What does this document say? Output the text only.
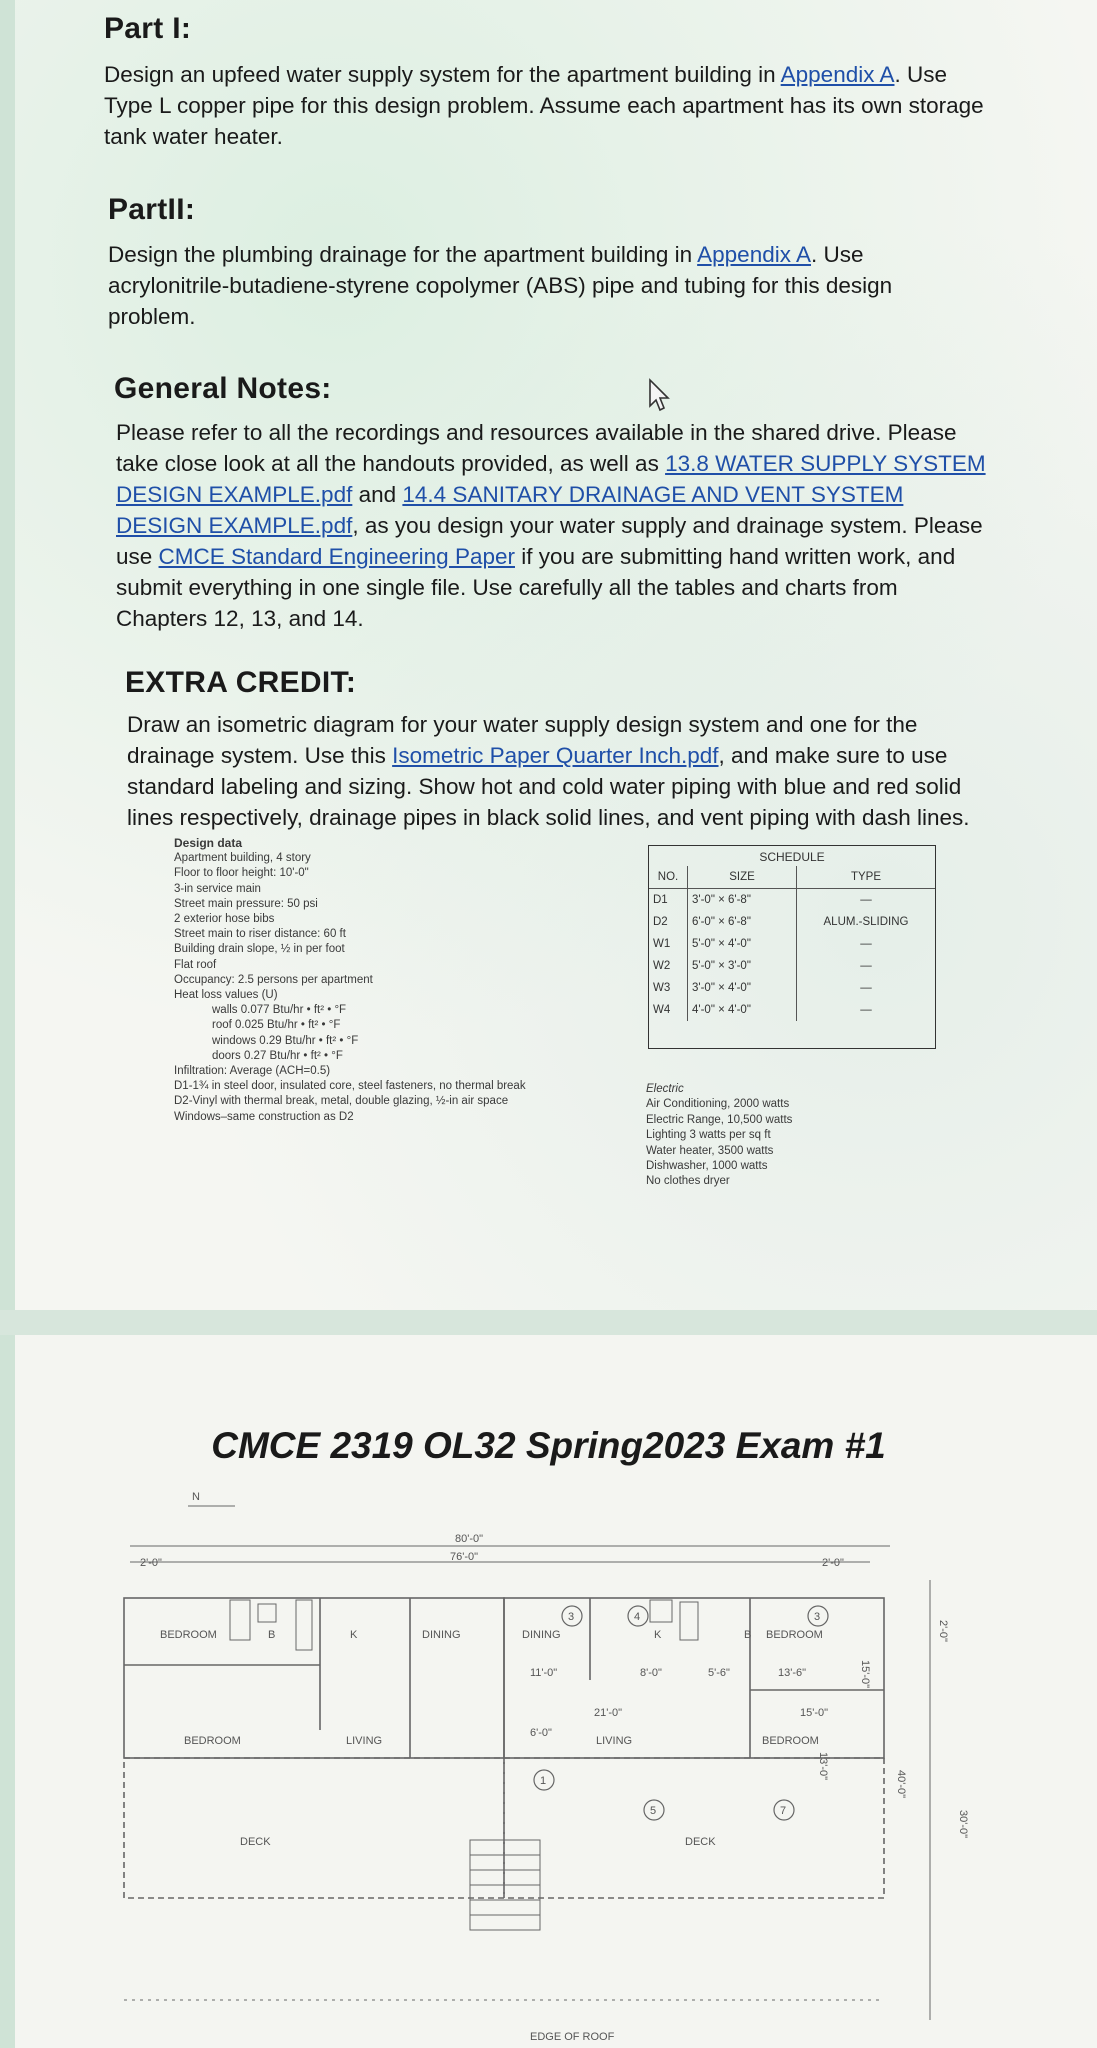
Part I:
Design an upfeed water supply system for the apartment building in Appendix A. Use Type L copper pipe for this design problem. Assume each apartment has its own storage tank water heater.
PartII:
Design the plumbing drainage for the apartment building in Appendix A. Use acrylonitrile-butadiene-styrene copolymer (ABS) pipe and tubing for this design problem.
General Notes:
Please refer to all the recordings and resources available in the shared drive. Please take close look at all the handouts provided, as well as 13.8 WATER SUPPLY SYSTEM DESIGN EXAMPLE.pdf and 14.4 SANITARY DRAINAGE AND VENT SYSTEM DESIGN EXAMPLE.pdf, as you design your water supply and drainage system. Please use CMCE Standard Engineering Paper if you are submitting hand written work, and submit everything in one single file. Use carefully all the tables and charts from Chapters 12, 13, and 14.
EXTRA CREDIT:
Draw an isometric diagram for your water supply design system and one for the drainage system. Use this Isometric Paper Quarter Inch.pdf, and make sure to use standard labeling and sizing. Show hot and cold water piping with blue and red solid lines respectively, drainage pipes in black solid lines, and vent piping with dash lines.
Design data
Apartment building, 4 story
Floor to floor height: 10'-0"
3-in service main
Street main pressure: 50 psi
2 exterior hose bibs
Street main to riser distance: 60 ft
Building drain slope, ½ in per foot
Flat roof
Occupancy: 2.5 persons per apartment
Heat loss values (U)
walls 0.077 Btu/hr • ft² • °F
roof 0.025 Btu/hr • ft² • °F
windows 0.29 Btu/hr • ft² • °F
doors 0.27 Btu/hr • ft² • °F
Infiltration: Average (ACH=0.5)
D1-1¾ in steel door, insulated core, steel fasteners, no thermal break
D2-Vinyl with thermal break, metal, double glazing, ½-in air space
Windows–same construction as D2
SCHEDULE
NO.	SIZE	TYPE
D1	3'-0" × 6'-8"	—
D2	6'-0" × 6'-8"	ALUM.-SLIDING
W1	5'-0" × 4'-0"	—
W2	5'-0" × 3'-0"	—
W3	3'-0" × 4'-0"	—
W4	4'-0" × 4'-0"	—
Electric
Air Conditioning, 2000 watts
Electric Range, 10,500 watts
Lighting 3 watts per sq ft
Water heater, 3500 watts
Dishwasher, 1000 watts
No clothes dryer
CMCE 2319 OL32 Spring2023 Exam #1
N
80'-0"
76'-0"
2'-0"	2'-0"
BEDROOM	DINING	DINING	BEDROOM
BEDROOM	LIVING	LIVING	BEDROOM
DECK	DECK
K	K
B	B
11'-0"	8'-0"	5'-6"	13'-6"
21'-0"
6'-0"
15'-0"
15'-0"
13'-0"
40'-0"
2'-0"
30'-0"
3	4	3
1
5	7
EDGE OF ROOF
